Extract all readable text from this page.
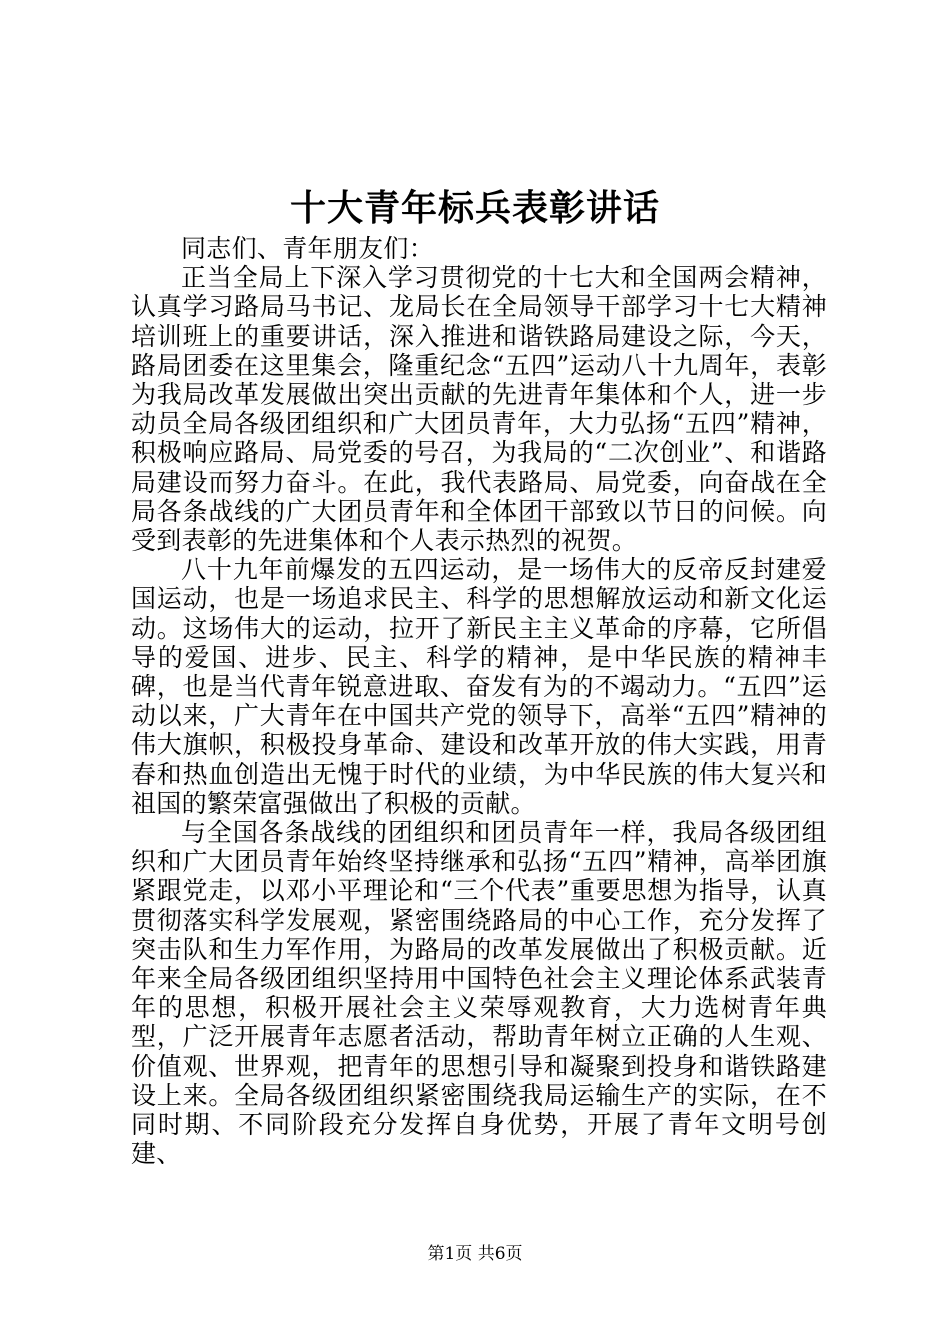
十大青年标兵表彰讲话

同志们、青年朋友们：

正当全局上下深入学习贯彻党的十七大和全国两会精神，认真学习路局马书记、龙局长在全局领导干部学习十七大精神培训班上的重要讲话，深入推进和谐铁路局建设之际，今天，路局团委在这里集会，隆重纪念“五四”运动八十九周年，表彰为我局改革发展做出突出贡献的先进青年集体和个人，进一步动员全局各级团组织和广大团员青年，大力弘扬“五四”精神，积极响应路局、局党委的号召，为我局的“二次创业”、和谐路局建设而努力奋斗。在此，我代表路局、局党委，向奋战在全局各条战线的广大团员青年和全体团干部致以节日的问候。向受到表彰的先进集体和个人表示热烈的祝贺。

八十九年前爆发的五四运动，是一场伟大的反帝反封建爱国运动，也是一场追求民主、科学的思想解放运动和新文化运动。这场伟大的运动，拉开了新民主主义革命的序幕，它所倡导的爱国、进步、民主、科学的精神，是中华民族的精神丰碑，也是当代青年锐意进取、奋发有为的不竭动力。“五四”运动以来，广大青年在中国共产党的领导下，高举“五四”精神的伟大旗帜，积极投身革命、建设和改革开放的伟大实践，用青春和热血创造出无愧于时代的业绩，为中华民族的伟大复兴和祖国的繁荣富强做出了积极的贡献。

与全国各条战线的团组织和团员青年一样，我局各级团组织和广大团员青年始终坚持继承和弘扬“五四”精神，高举团旗紧跟党走，以邓小平理论和“三个代表”重要思想为指导，认真贯彻落实科学发展观，紧密围绕路局的中心工作，充分发挥了突击队和生力军作用，为路局的改革发展做出了积极贡献。近年来全局各级团组织坚持用中国特色社会主义理论体系武装青年的思想，积极开展社会主义荣辱观教育，大力选树青年典型，广泛开展青年志愿者活动，帮助青年树立正确的人生观、价值观、世界观，把青年的思想引导和凝聚到投身和谐铁路建设上来。全局各级团组织紧密围绕我局运输生产的实际，在不同时期、不同阶段充分发挥自身优势，开展了青年文明号创建、

第1页 共6页
